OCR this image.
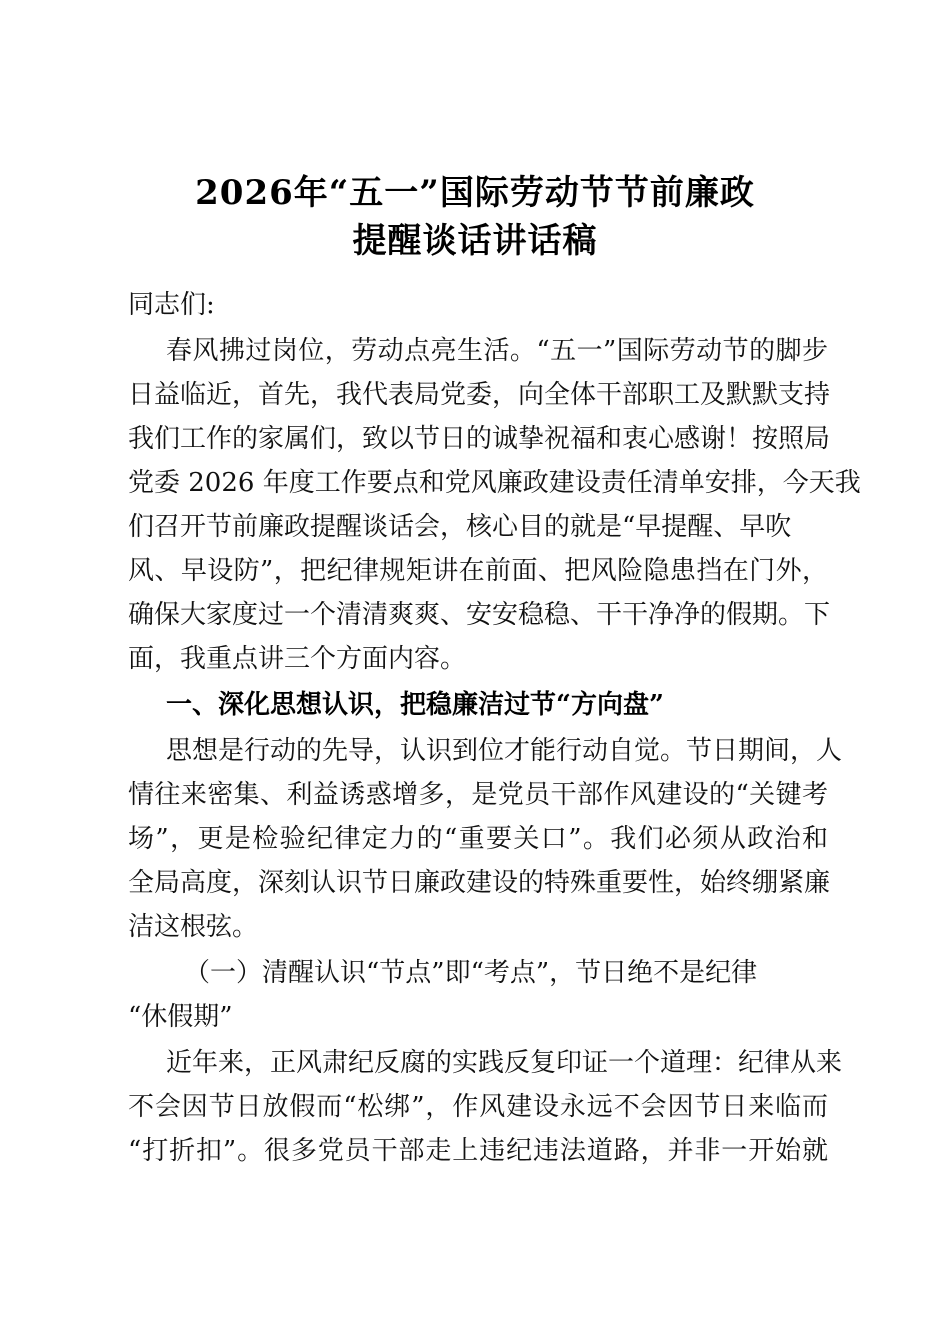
2026年“五一”国际劳动节节前廉政
提醒谈话讲话稿
同志们:
春风拂过岗位，劳动点亮生活。“五一”国际劳动节的脚步
日益临近，首先，我代表局党委，向全体干部职工及默默支持
我们工作的家属们，致以节日的诚挚祝福和衷心感谢！按照局
党委 2026 年度工作要点和党风廉政建设责任清单安排，今天我
们召开节前廉政提醒谈话会，核心目的就是“早提醒、早吹
风、早设防”，把纪律规矩讲在前面、把风险隐患挡在门外，
确保大家度过一个清清爽爽、安安稳稳、干干净净的假期。下
面，我重点讲三个方面内容。
一、深化思想认识，把稳廉洁过节“方向盘”
思想是行动的先导，认识到位才能行动自觉。节日期间，人
情往来密集、利益诱惑增多，是党员干部作风建设的“关键考
场”，更是检验纪律定力的“重要关口”。我们必须从政治和
全局高度，深刻认识节日廉政建设的特殊重要性，始终绷紧廉
洁这根弦。
（一）清醒认识“节点”即“考点”，节日绝不是纪律
“休假期”
近年来，正风肃纪反腐的实践反复印证一个道理：纪律从来
不会因节日放假而“松绑”，作风建设永远不会因节日来临而
“打折扣”。很多党员干部走上违纪违法道路，并非一开始就
